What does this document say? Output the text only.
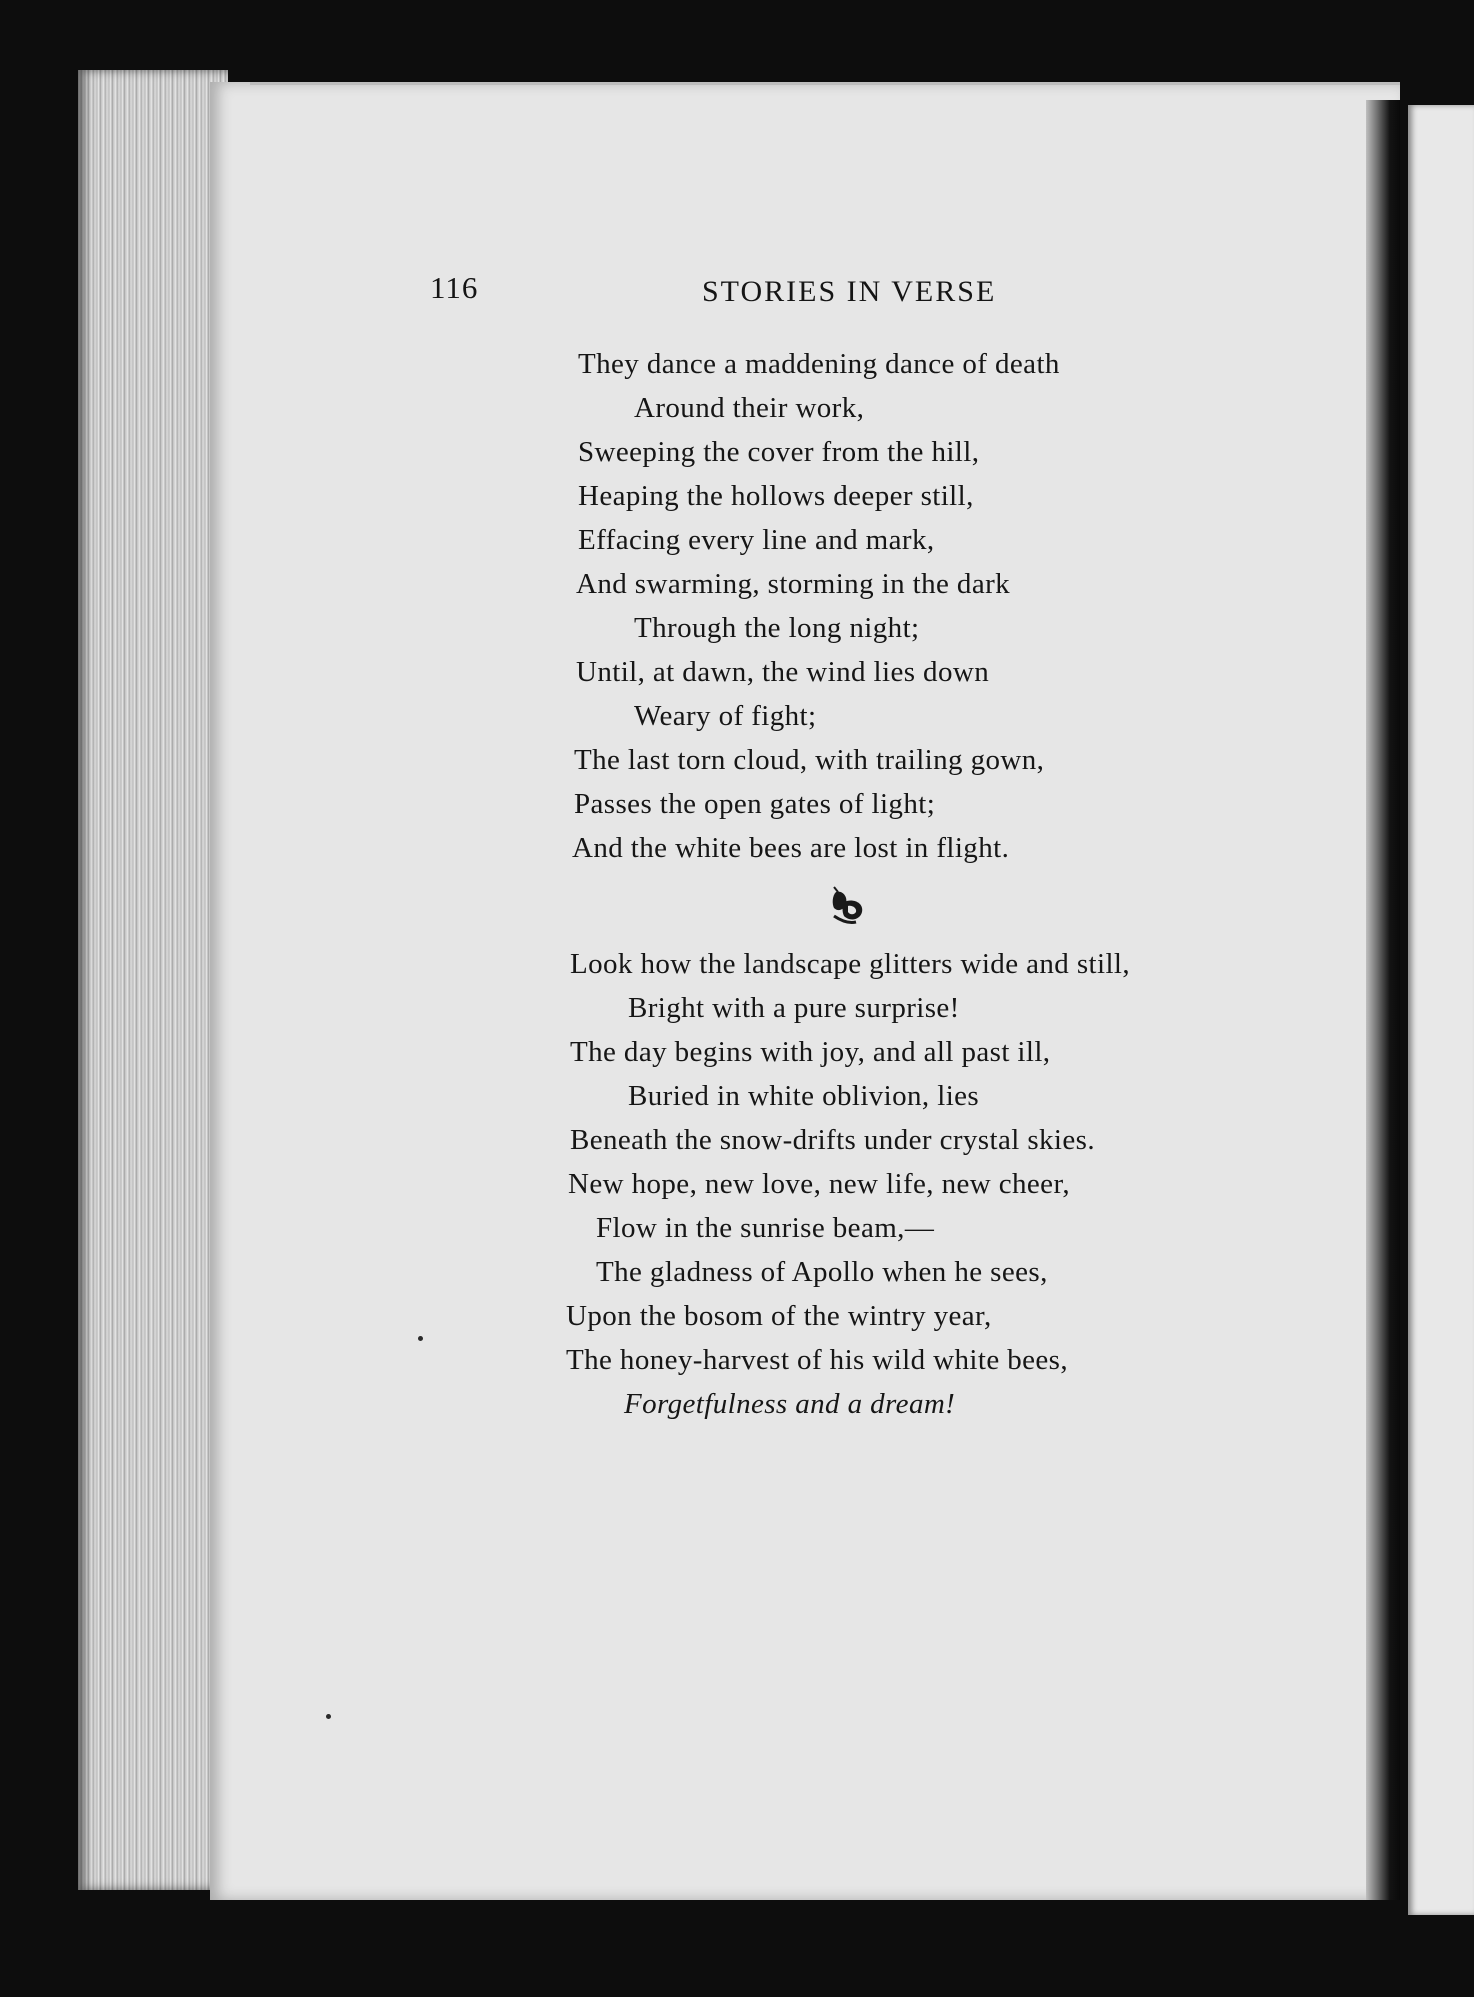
116	STORIES IN VERSE
They dance a maddening dance of death
Around their work,
Sweeping the cover from the hill,
Heaping the hollows deeper still,
Effacing every line and mark,
And swarming, storming in the dark
Through the long night;
Until, at dawn, the wind lies down
Weary of fight;
The last torn cloud, with trailing gown,
Passes the open gates of light;
And the white bees are lost in flight.
Look how the landscape glitters wide and still,
Bright with a pure surprise!
The day begins with joy, and all past ill,
Buried in white oblivion, lies
Beneath the snow-drifts under crystal skies.
New hope, new love, new life, new cheer,
Flow in the sunrise beam,—
The gladness of Apollo when he sees,
Upon the bosom of the wintry year,
The honey-harvest of his wild white bees,
Forgetfulness and a dream!
